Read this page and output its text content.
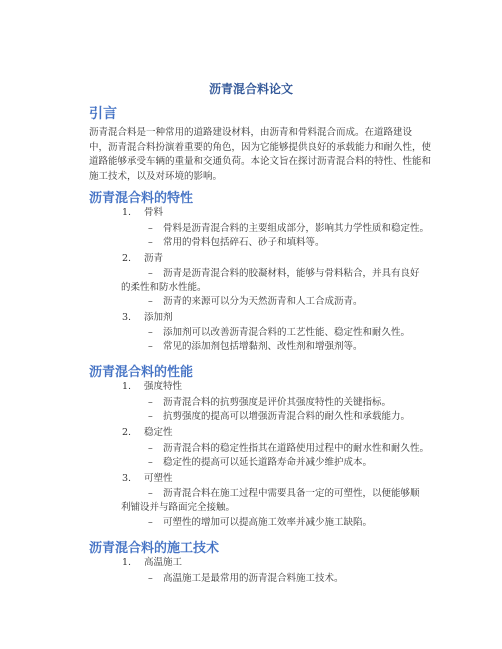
沥青混合料论文
引言
沥青混合料是一种常用的道路建设材料，由沥青和骨料混合而成。在道路建设
中，沥青混合料扮演着重要的角色，因为它能够提供良好的承载能力和耐久性，使
道路能够承受车辆的重量和交通负荷。本论文旨在探讨沥青混合料的特性、性能和
施工技术，以及对环境的影响。
沥青混合料的特性
1.	骨料
– 骨料是沥青混合料的主要组成部分，影响其力学性质和稳定性。
– 常用的骨料包括碎石、砂子和填料等。
2.	沥青
– 沥青是沥青混合料的胶凝材料，能够与骨料粘合，并具有良好
的柔性和防水性能。
– 沥青的来源可以分为天然沥青和人工合成沥青。
3.	添加剂
– 添加剂可以改善沥青混合料的工艺性能、稳定性和耐久性。
– 常见的添加剂包括增黏剂、改性剂和增强剂等。
沥青混合料的性能
1.	强度特性
– 沥青混合料的抗剪强度是评价其强度特性的关键指标。
– 抗剪强度的提高可以增强沥青混合料的耐久性和承载能力。
2.	稳定性
– 沥青混合料的稳定性指其在道路使用过程中的耐水性和耐久性。
– 稳定性的提高可以延长道路寿命并减少维护成本。
3.	可塑性
– 沥青混合料在施工过程中需要具备一定的可塑性，以便能够顺
利铺设并与路面完全接触。
– 可塑性的增加可以提高施工效率并减少施工缺陷。
沥青混合料的施工技术
1.	高温施工
– 高温施工是最常用的沥青混合料施工技术。
